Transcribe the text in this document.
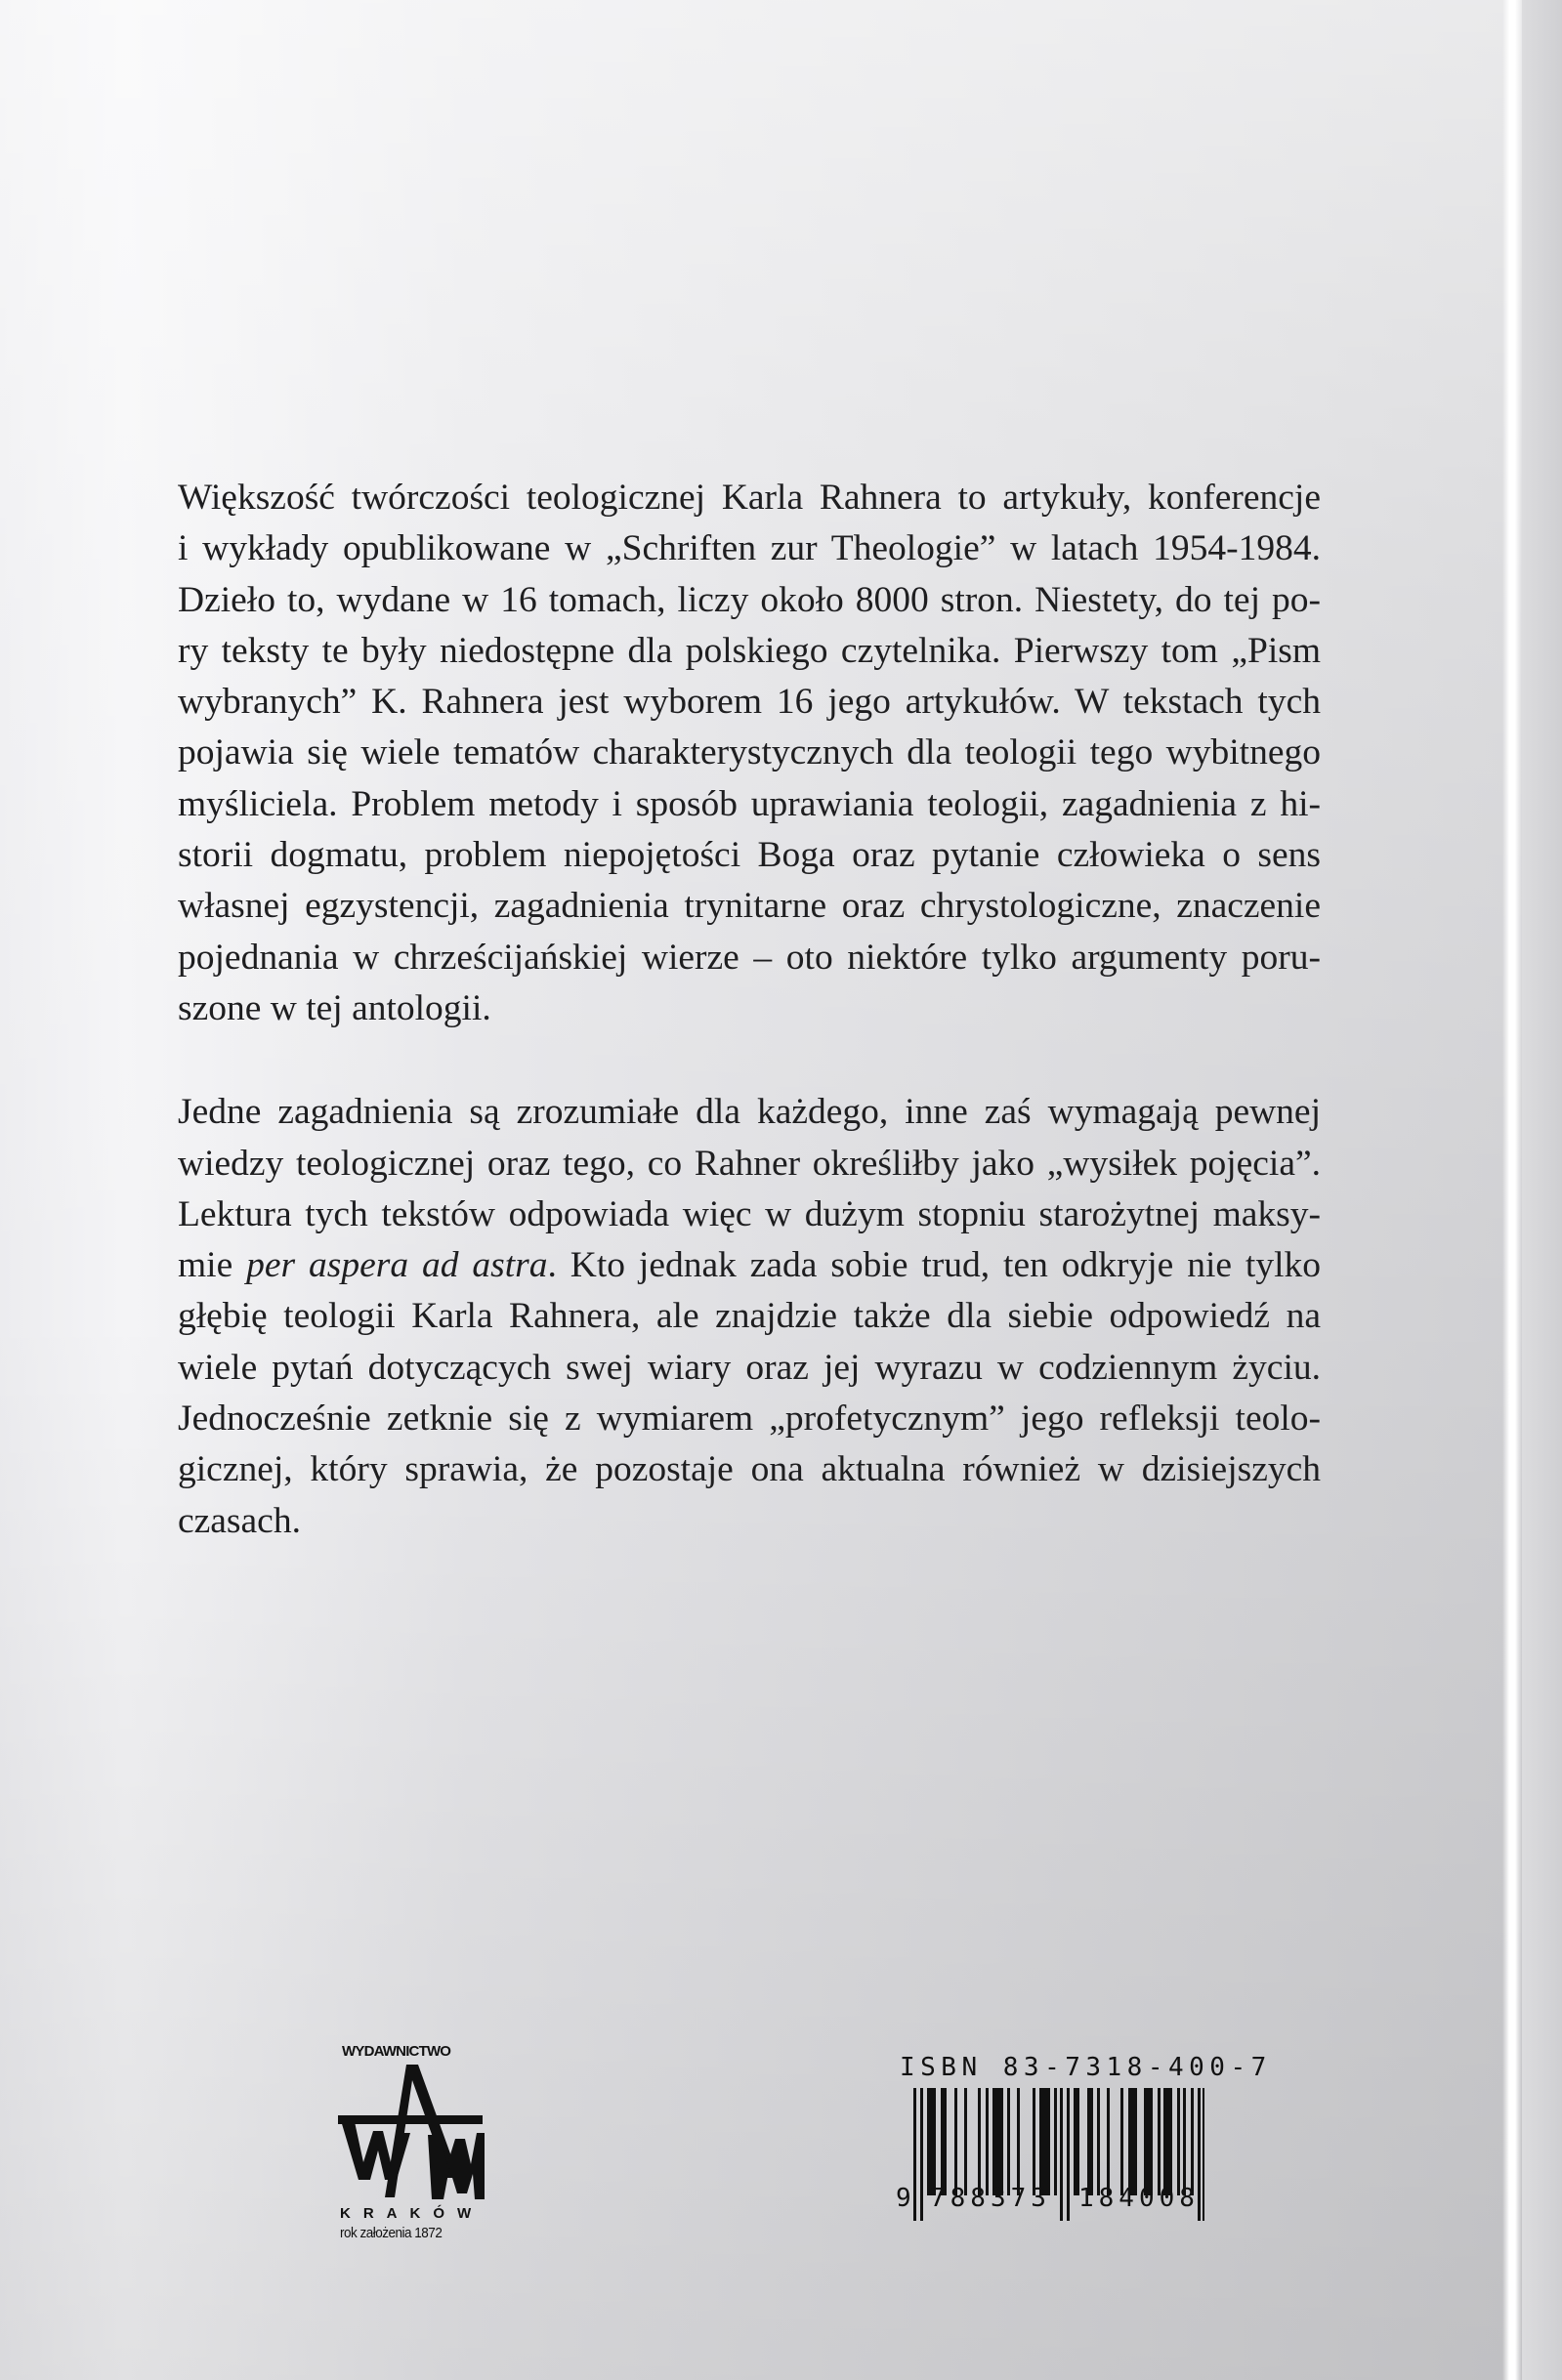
Większość twórczości teologicznej Karla Rahnera to artykuły, konferencje
i wykłady opublikowane w „Schriften zur Theologie” w latach 1954-1984.
Dzieło to, wydane w 16 tomach, liczy około 8000 stron. Niestety, do tej po-
ry teksty te były niedostępne dla polskiego czytelnika. Pierwszy tom „Pism
wybranych” K. Rahnera jest wyborem 16 jego artykułów. W tekstach tych
pojawia się wiele tematów charakterystycznych dla teologii tego wybitnego
myśliciela. Problem metody i sposób uprawiania teologii, zagadnienia z hi-
storii dogmatu, problem niepojętości Boga oraz pytanie człowieka o sens
własnej egzystencji, zagadnienia trynitarne oraz chrystologiczne, znaczenie
pojednania w chrześcijańskiej wierze – oto niektóre tylko argumenty poru-
szone w tej antologii.

Jedne zagadnienia są zrozumiałe dla każdego, inne zaś wymagają pewnej
wiedzy teologicznej oraz tego, co Rahner określiłby jako „wysiłek pojęcia”.
Lektura tych tekstów odpowiada więc w dużym stopniu starożytnej maksy-
mie per aspera ad astra. Kto jednak zada sobie trud, ten odkryje nie tylko
głębię teologii Karla Rahnera, ale znajdzie także dla siebie odpowiedź na
wiele pytań dotyczących swej wiary oraz jej wyrazu w codziennym życiu.
Jednocześnie zetknie się z wymiarem „profetycznym” jego refleksji teolo-
gicznej, który sprawia, że pozostaje ona aktualna również w dzisiejszych
czasach.

WYDAWNICTWO
KRAKÓW
rok założenia 1872
ISBN 83-7318-400-7
9 788373 184008
